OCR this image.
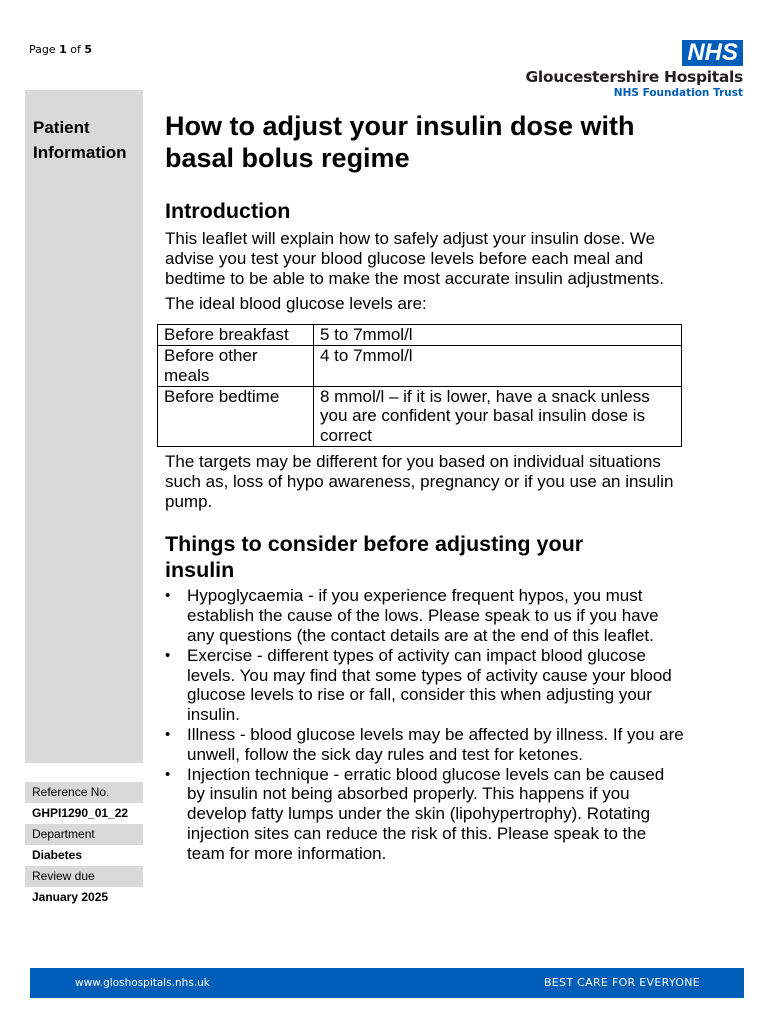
Page 1 of 5	NHS
Gloucestershire Hospitals
NHS Foundation Trust
Patient
Information
Reference No.
GHPI1290_01_22
Department
Diabetes
Review due
January 2025
How to adjust your insulin dose with
basal bolus regime
Introduction

This leaflet will explain how to safely adjust your insulin dose. We advise you test your blood glucose levels before each meal and bedtime to be able to make the most accurate insulin adjustments.

The ideal blood glucose levels are:

Before breakfast	5 to 7mmol/l
Before other meals	4 to 7mmol/l
Before bedtime	8 mmol/l – if it is lower, have a snack unless you are confident your basal insulin dose is correct

The targets may be different for you based on individual situations such as, loss of hypo awareness, pregnancy or if you use an insulin pump.

Things to consider before adjusting your
insulin
• Hypoglycaemia - if you experience frequent hypos, you must establish the cause of the lows. Please speak to us if you have any questions (the contact details are at the end of this leaflet.
• Exercise - different types of activity can impact blood glucose levels. You may find that some types of activity cause your blood glucose levels to rise or fall, consider this when adjusting your insulin.
• Illness - blood glucose levels may be affected by illness. If you are unwell, follow the sick day rules and test for ketones.
• Injection technique - erratic blood glucose levels can be caused by insulin not being absorbed properly. This happens if you develop fatty lumps under the skin (lipohypertrophy). Rotating injection sites can reduce the risk of this. Please speak to the team for more information.
www.gloshospitals.nhs.uk	BEST CARE FOR EVERYONE
